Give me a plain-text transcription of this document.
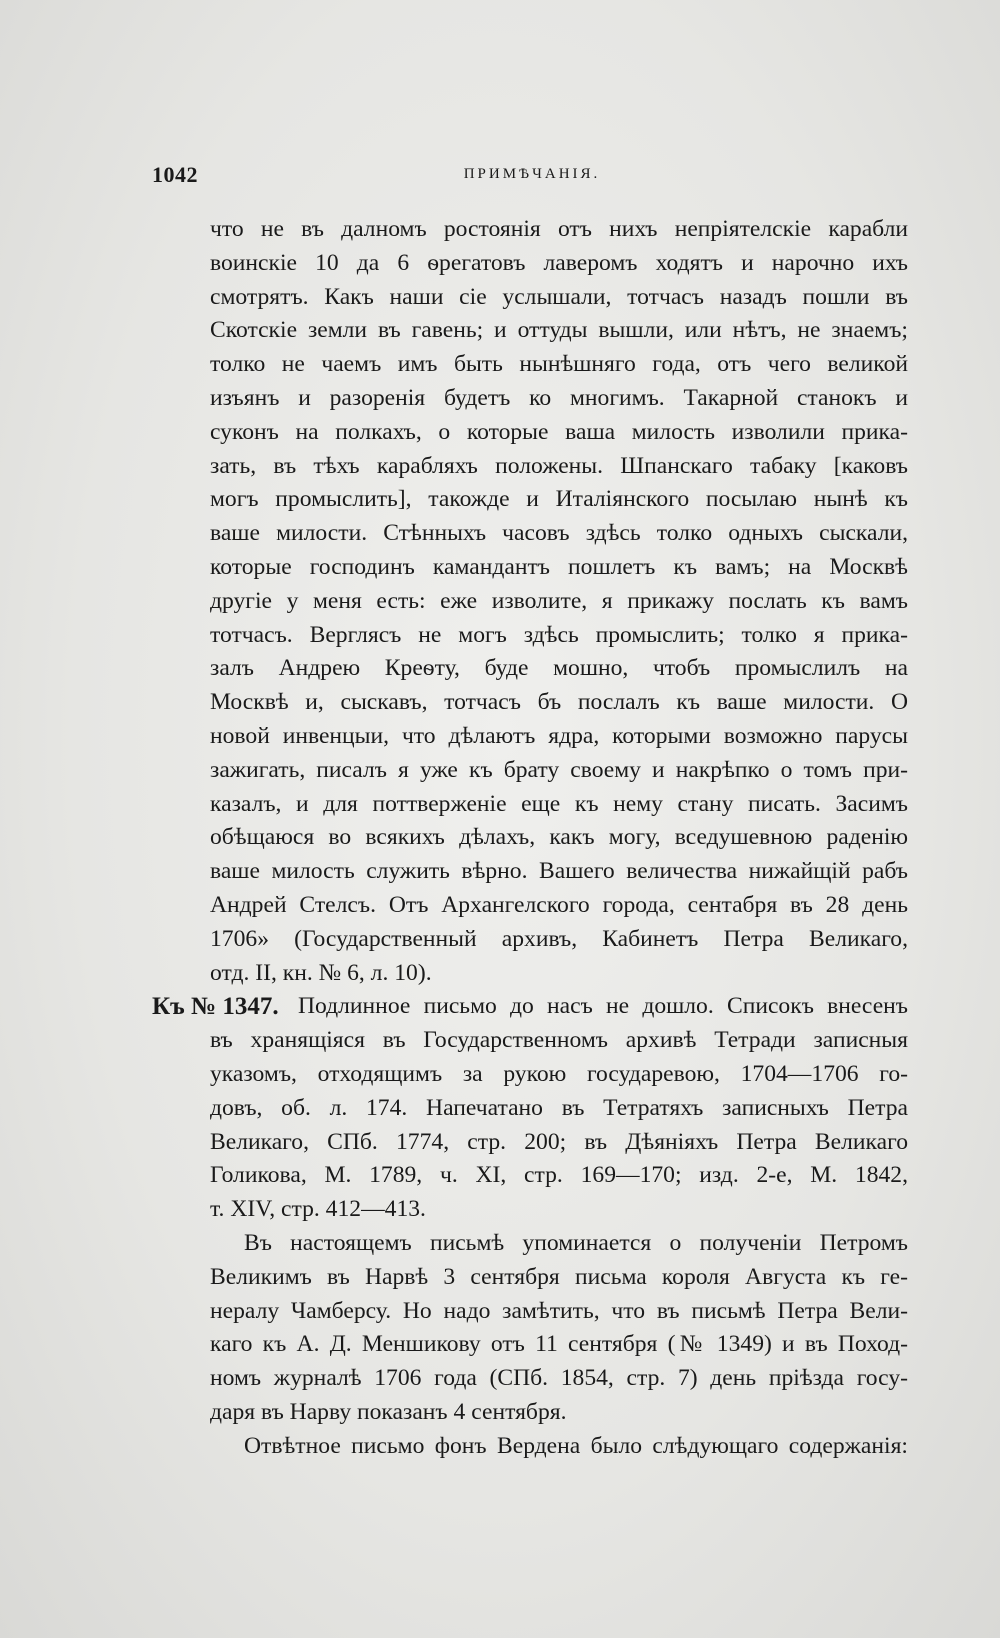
1042	ПРИМѢЧАНІЯ.
что не въ далномъ ростоянія отъ нихъ непріятелскіе карабли
воинскіе 10 да 6 ѳрегатовъ лаверомъ ходятъ и нарочно ихъ
смотрятъ. Какъ наши сіе услышали, тотчасъ назадъ пошли въ
Скотскіе земли въ гавень; и оттуды вышли, или нѣтъ, не знаемъ;
толко не чаемъ имъ быть нынѣшняго года, отъ чего великой
изъянъ и разоренія будетъ ко многимъ. Такарной станокъ и
суконъ на полкахъ, о которые ваша милость изволили прика-
зать, въ тѣхъ карабляхъ положены. Шпанскаго табаку [каковъ
могъ промыслить], такожде и Италіянского посылаю нынѣ къ
ваше милости. Стѣнныхъ часовъ здѣсь толко одныхъ сыскали,
которые господинъ камандантъ пошлетъ къ вамъ; на Москвѣ
другіе у меня есть: еже изволите, я прикажу послать къ вамъ
тотчасъ. Верглясъ не могъ здѣсь промыслить; толко я прика-
залъ Андрею Креѳту, буде мошно, чтобъ промыслилъ на
Москвѣ и, сыскавъ, тотчасъ бъ послалъ къ ваше милости. О
новой инвенцыи, что дѣлаютъ ядра, которыми возможно парусы
зажигать, писалъ я уже къ брату своему и накрѣпко о томъ при-
казалъ, и для поттверженіе еще къ нему стану писать. Засимъ
обѣщаюся во всякихъ дѣлахъ, какъ могу, вседушевною раденію
ваше милость служить вѣрно. Вашего величества нижайщій рабъ
Андрей Стелсъ. Отъ Архангелского города, сентабря въ 28 день
1706» (Государственный архивъ, Кабинетъ Петра Великаго,
отд. II, кн. № 6, л. 10).
Къ № 1347. Подлинное письмо до насъ не дошло. Списокъ внесенъ
въ хранящіяся въ Государственномъ архивѣ Тетради записныя
указомъ, отходящимъ за рукою государевою, 1704—1706 го-
довъ, об. л. 174. Напечатано въ Тетратяхъ записныхъ Петра
Великаго, СПб. 1774, стр. 200; въ Дѣяніяхъ Петра Великаго
Голикова, М. 1789, ч. XI, стр. 169—170; изд. 2-е, М. 1842,
т. XIV, стр. 412—413.
Въ настоящемъ письмѣ упоминается о полученіи Петромъ
Великимъ въ Нарвѣ 3 сентября письма короля Августа къ ге-
нералу Чамберсу. Но надо замѣтить, что въ письмѣ Петра Вели-
каго къ А. Д. Меншикову отъ 11 сентября (№ 1349) и въ Поход-
номъ журналѣ 1706 года (СПб. 1854, стр. 7) день пріѣзда госу-
даря въ Нарву показанъ 4 сентября.
Отвѣтное письмо фонъ Вердена было слѣдующаго содержанія:
